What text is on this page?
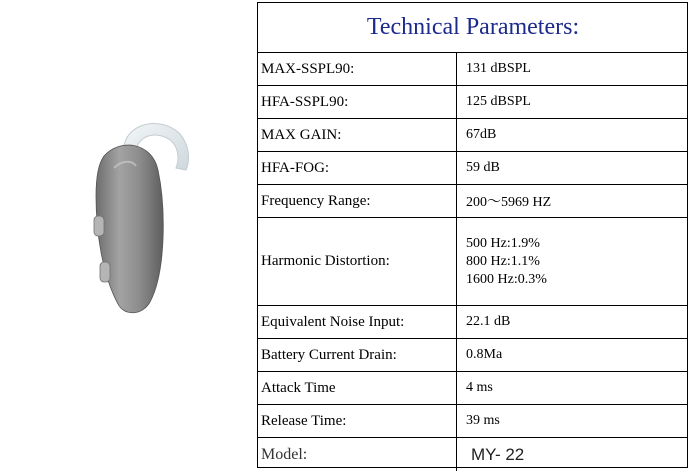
Technical Parameters:
MAX-SSPL90:	131 dBSPL
HFA-SSPL90:	125 dBSPL
MAX GAIN:	67dB
HFA-FOG:	59 dB
Frequency Range:	200～5969 HZ
Harmonic Distortion:
500 Hz:1.9%
800 Hz:1.1%
1600 Hz:0.3%
Equivalent Noise Input:	22.1 dB
Battery Current Drain:	0.8Ma
Attack Time	4 ms
Release Time:	39 ms
Model:	MY- 22
